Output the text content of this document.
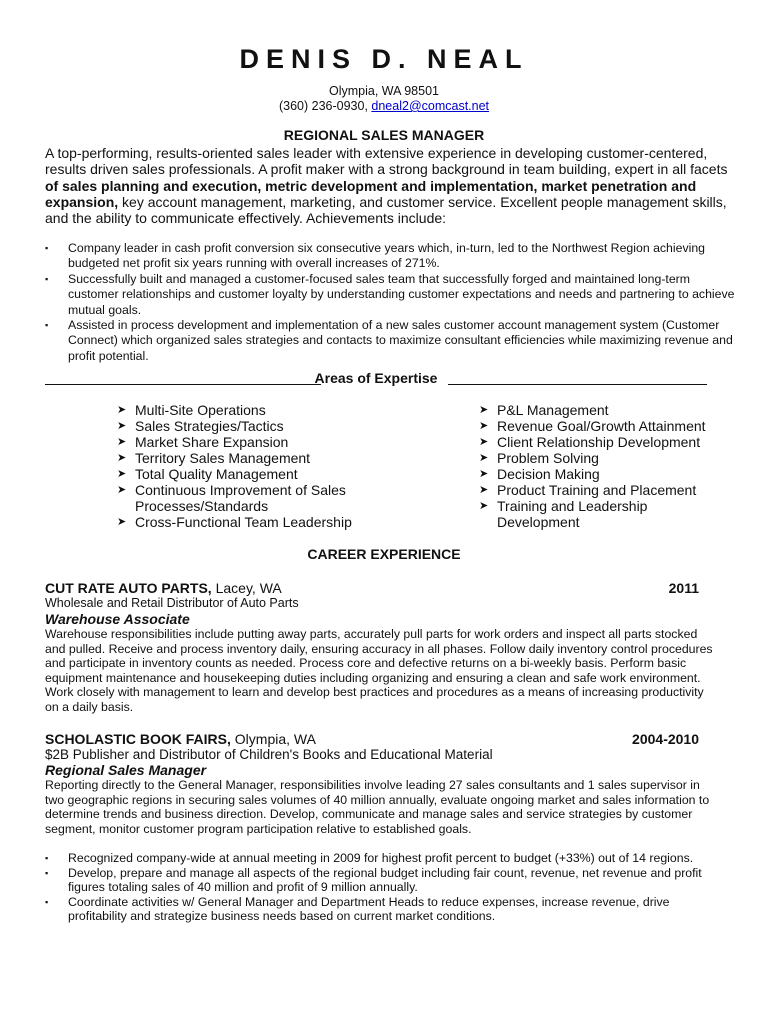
DENIS D. NEAL
Olympia, WA 98501
(360) 236-0930, dneal2@comcast.net
REGIONAL SALES MANAGER
A top-performing, results-oriented sales leader with extensive experience in developing customer-centered, results driven sales professionals. A profit maker with a strong background in team building, expert in all facets of sales planning and execution, metric development and implementation, market penetration and expansion, key account management, marketing, and customer service. Excellent people management skills, and the ability to communicate effectively. Achievements include:
▪ Company leader in cash profit conversion six consecutive years which, in-turn, led to the Northwest Region achieving budgeted net profit six years running with overall increases of 271%.
▪ Successfully built and managed a customer-focused sales team that successfully forged and maintained long-term customer relationships and customer loyalty by understanding customer expectations and needs and partnering to achieve mutual goals.
▪ Assisted in process development and implementation of a new sales customer account management system (Customer Connect) which organized sales strategies and contacts to maximize consultant efficiencies while maximizing revenue and profit potential.
Areas of Expertise
➤ Multi-Site Operations
➤ Sales Strategies/Tactics
➤ Market Share Expansion
➤ Territory Sales Management
➤ Total Quality Management
➤ Continuous Improvement of Sales Processes/Standards
➤ Cross-Functional Team Leadership
➤ P&L Management
➤ Revenue Goal/Growth Attainment
➤ Client Relationship Development
➤ Problem Solving
➤ Decision Making
➤ Product Training and Placement
➤ Training and Leadership Development
CAREER EXPERIENCE
CUT RATE AUTO PARTS, Lacey, WA	2011
Wholesale and Retail Distributor of Auto Parts
Warehouse Associate
Warehouse responsibilities include putting away parts, accurately pull parts for work orders and inspect all parts stocked and pulled. Receive and process inventory daily, ensuring accuracy in all phases. Follow daily inventory control procedures and participate in inventory counts as needed. Process core and defective returns on a bi-weekly basis. Perform basic equipment maintenance and housekeeping duties including organizing and ensuring a clean and safe work environment. Work closely with management to learn and develop best practices and procedures as a means of increasing productivity on a daily basis.
SCHOLASTIC BOOK FAIRS, Olympia, WA	2004-2010
$2B Publisher and Distributor of Children's Books and Educational Material
Regional Sales Manager
Reporting directly to the General Manager, responsibilities involve leading 27 sales consultants and 1 sales supervisor in two geographic regions in securing sales volumes of 40 million annually, evaluate ongoing market and sales information to determine trends and business direction. Develop, communicate and manage sales and service strategies by customer segment, monitor customer program participation relative to established goals.
▪ Recognized company-wide at annual meeting in 2009 for highest profit percent to budget (+33%) out of 14 regions.
▪ Develop, prepare and manage all aspects of the regional budget including fair count, revenue, net revenue and profit figures totaling sales of 40 million and profit of 9 million annually.
▪ Coordinate activities w/ General Manager and Department Heads to reduce expenses, increase revenue, drive profitability and strategize business needs based on current market conditions.
